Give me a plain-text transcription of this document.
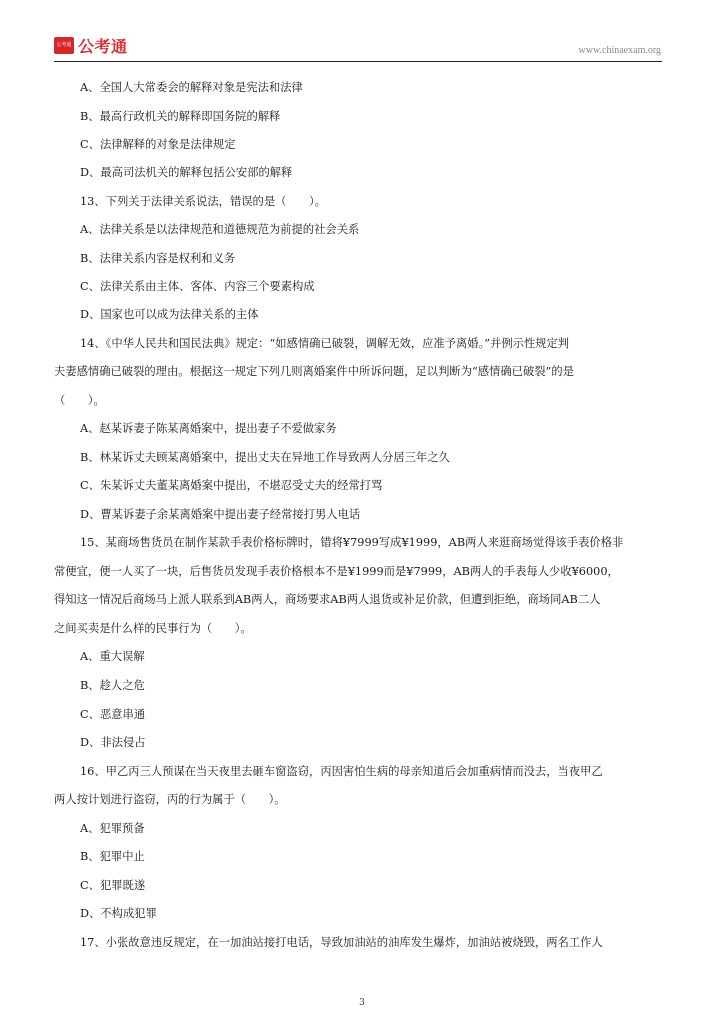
公考通 公考通	www.chinaexam.org
A、全国人大常委会的解释对象是宪法和法律
B、最高行政机关的解释即国务院的解释
C、法律解释的对象是法律规定
D、最高司法机关的解释包括公安部的解释
13、下列关于法律关系说法，错误的是（　　）。
A、法律关系是以法律规范和道德规范为前提的社会关系
B、法律关系内容是权利和义务
C、法律关系由主体、客体、内容三个要素构成
D、国家也可以成为法律关系的主体
14、《中华人民共和国民法典》规定：“如感情确已破裂，调解无效，应准予离婚。”并例示性规定判
夫妻感情确已破裂的理由。根据这一规定下列几则离婚案件中所诉问题，足以判断为“感情确已破裂”的是
（　　）。
A、赵某诉妻子陈某离婚案中，提出妻子不爱做家务
B、林某诉丈夫顾某离婚案中，提出丈夫在异地工作导致两人分居三年之久
C、朱某诉丈夫董某离婚案中提出，不堪忍受丈夫的经常打骂
D、曹某诉妻子余某离婚案中提出妻子经常接打男人电话
15、某商场售货员在制作某款手表价格标牌时，错将¥7999写成¥1999，AB两人来逛商场觉得该手表价格非
常便宜，便一人买了一块，后售货员发现手表价格根本不是¥1999而是¥7999，AB两人的手表每人少收¥6000，
得知这一情况后商场马上派人联系到AB两人，商场要求AB两人退货或补足价款，但遭到拒绝，商场同AB二人
之间买卖是什么样的民事行为（　　）。
A、重大误解
B、趁人之危
C、恶意串通
D、非法侵占
16、甲乙丙三人预谋在当天夜里去砸车窗盗窃，丙因害怕生病的母亲知道后会加重病情而没去，当夜甲乙
两人按计划进行盗窃，丙的行为属于（　　）。
A、犯罪预备
B、犯罪中止
C、犯罪既遂
D、不构成犯罪
17、小张故意违反规定，在一加油站接打电话，导致加油站的油库发生爆炸，加油站被烧毁，两名工作人
3
